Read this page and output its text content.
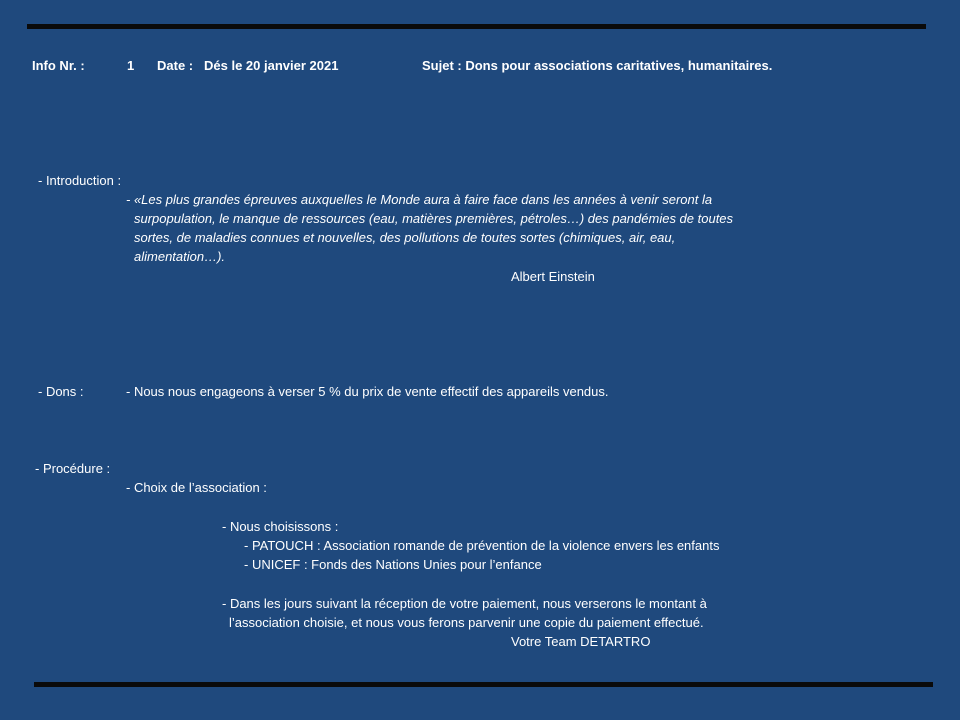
Info Nr. :	1 Date : Dés le 20 janvier 2021	Sujet : Dons pour associations caritatives, humanitaires.
- Introduction :
- «Les plus grandes épreuves auxquelles le Monde aura à faire face dans les années à venir seront la
surpopulation, le manque de ressources (eau, matières premières, pétroles…) des pandémies de toutes
sortes, de maladies connues et nouvelles, des pollutions de toutes sortes (chimiques, air, eau,
alimentation…).
Albert Einstein
- Dons :	- Nous nous engageons à verser 5 % du prix de vente effectif des appareils vendus.
- Procédure :
- Choix de l’association :
- Nous choisissons :
- PATOUCH : Association romande de prévention de la violence envers les enfants
- UNICEF : Fonds des Nations Unies pour l’enfance
- Dans les jours suivant la réception de votre paiement, nous verserons le montant à
l’association choisie, et nous vous ferons parvenir une copie du paiement effectué.
Votre Team DETARTRO
